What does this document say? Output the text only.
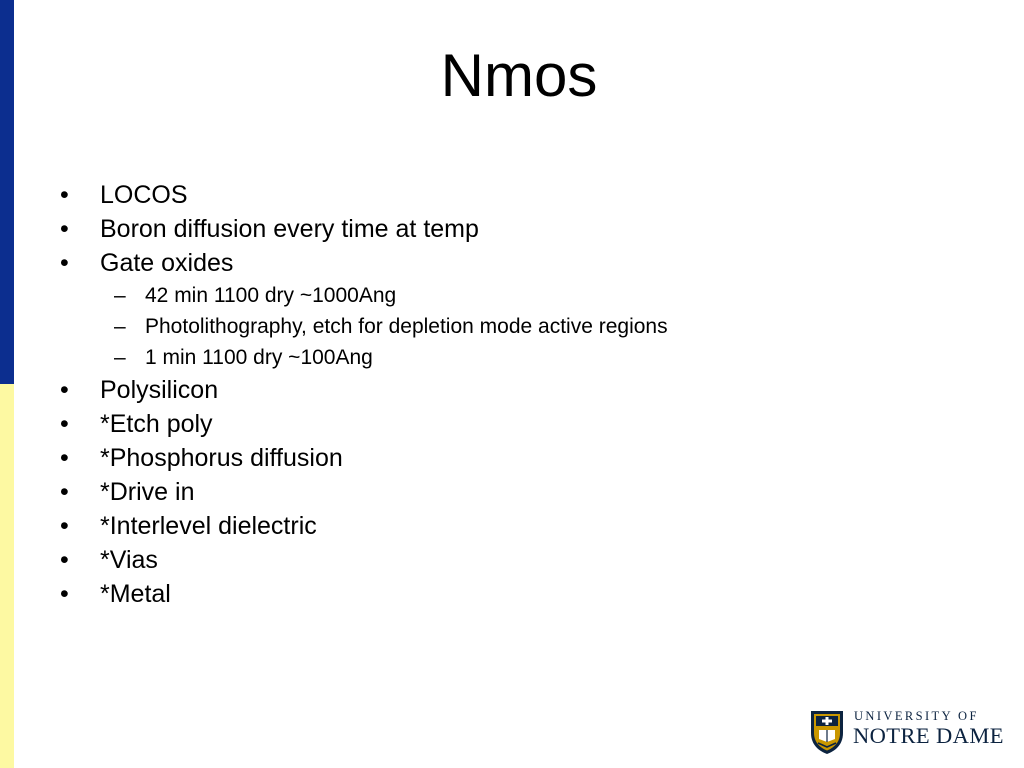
Nmos
• LOCOS
• Boron diffusion every time at temp
• Gate oxides
– 42 min 1100 dry ~1000Ang
– Photolithography, etch for depletion mode active regions
– 1 min 1100 dry ~100Ang
• Polysilicon
• *Etch poly
• *Phosphorus diffusion
• *Drive in
• *Interlevel dielectric
• *Vias
• *Metal
UNIVERSITY OF
NOTRE DAME
